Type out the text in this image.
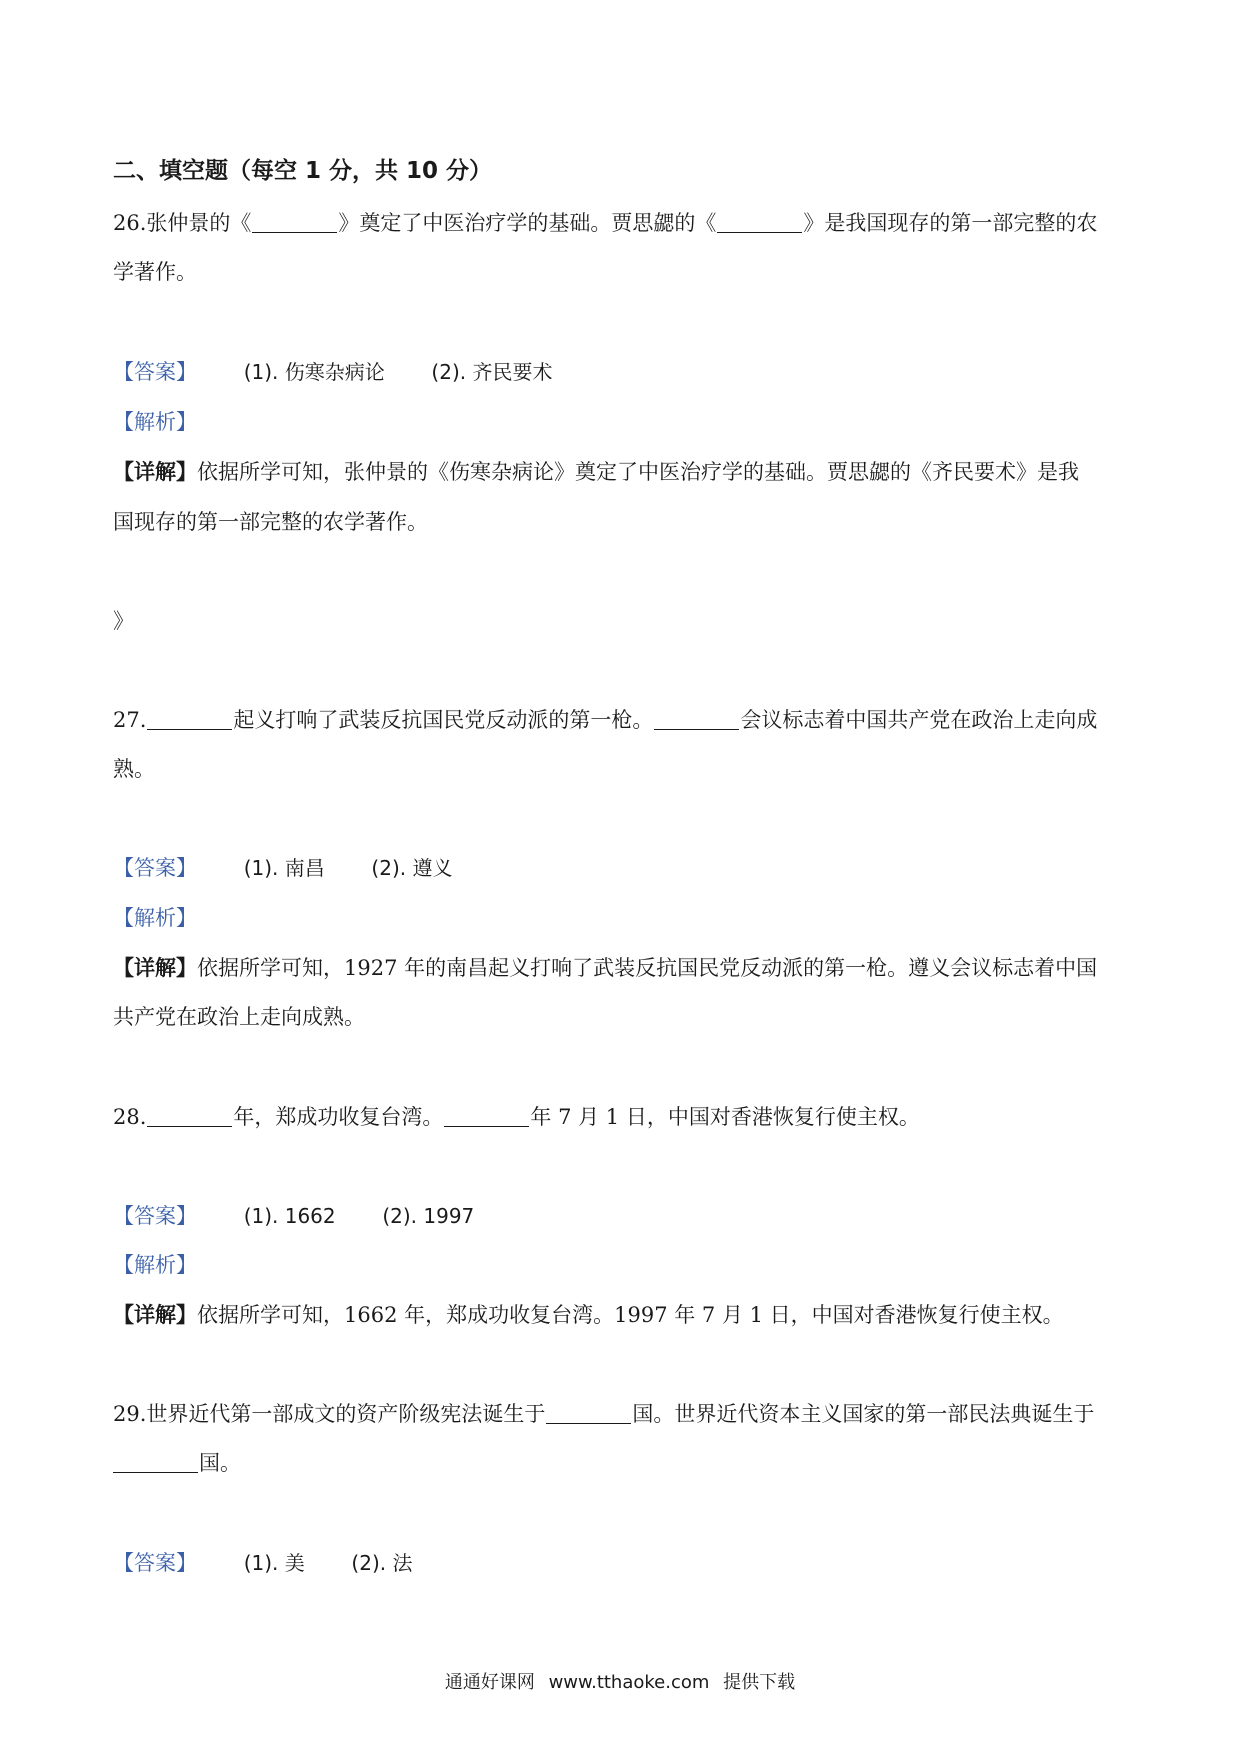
二、填空题（每空 1 分，共 10 分）
26.张仲景的《	》奠定了中医治疗学的基础。贾思勰的《	》是我国现存的第一部完整的农
学著作。
【答案】 (1). 伤寒杂病论 (2). 齐民要术
【解析】
【详解】依据所学可知，张仲景的《伤寒杂病论》奠定了中医治疗学的基础。贾思勰的《齐民要术》是我
国现存的第一部完整的农学著作。
》
27.	起义打响了武装反抗国民党反动派的第一枪。	会议标志着中国共产党在政治上走向成
熟。
【答案】 (1). 南昌 (2). 遵义
【解析】
【详解】依据所学可知，1927 年的南昌起义打响了武装反抗国民党反动派的第一枪。遵义会议标志着中国
共产党在政治上走向成熟。
28.	年，郑成功收复台湾。	年 7 月 1 日，中国对香港恢复行使主权。
【答案】 (1). 1662 (2). 1997
【解析】
【详解】依据所学可知，1662 年，郑成功收复台湾。1997 年 7 月 1 日，中国对香港恢复行使主权。
29.世界近代第一部成文的资产阶级宪法诞生于	国。世界近代资本主义国家的第一部民法典诞生于
国。
【答案】 (1). 美 (2). 法
通通好课网 www.tthaoke.com 提供下载
